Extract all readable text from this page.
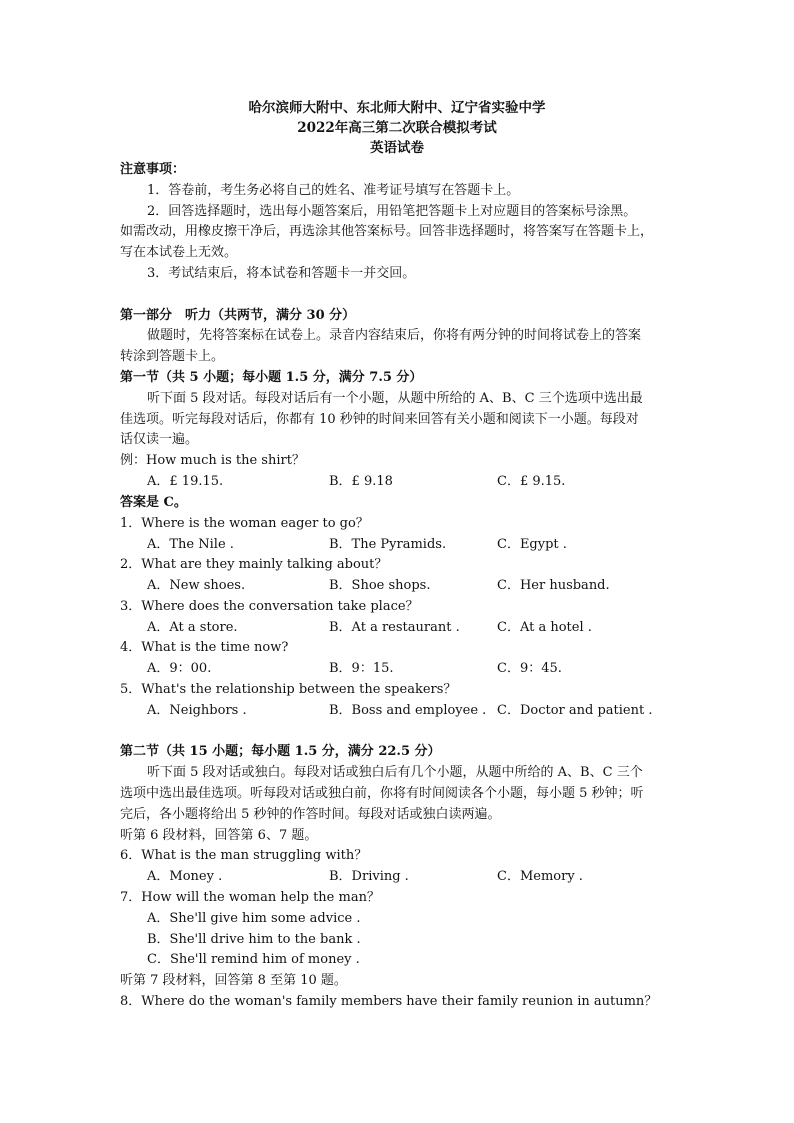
哈尔滨师大附中、东北师大附中、辽宁省实验中学
2022年高三第二次联合模拟考试
英语试卷
注意事项：
1．答卷前，考生务必将自己的姓名、准考证号填写在答题卡上。
2．回答选择题时，选出每小题答案后，用铅笔把答题卡上对应题目的答案标号涂黑。
如需改动，用橡皮擦干净后，再选涂其他答案标号。回答非选择题时，将答案写在答题卡上，
写在本试卷上无效。
3．考试结束后，将本试卷和答题卡一并交回。
第一部分　听力（共两节，满分 30 分）
做题时，先将答案标在试卷上。录音内容结束后，你将有两分钟的时间将试卷上的答案
转涂到答题卡上。
第一节（共 5 小题；每小题 1.5 分，满分 7.5 分）
听下面 5 段对话。每段对话后有一个小题，从题中所给的 A、B、C 三个选项中选出最
佳选项。听完每段对话后，你都有 10 秒钟的时间来回答有关小题和阅读下一小题。每段对
话仅读一遍。
例：How much is the shirt？
A．£ 19.15.	B．£ 9.18	C．£ 9.15.
答案是 C。
1．Where is the woman eager to go？
A．The Nile .	B．The Pyramids.	C．Egypt .
2．What are they mainly talking about？
A．New shoes.	B．Shoe shops.	C．Her husband.
3．Where does the conversation take place？
A．At a store.	B．At a restaurant .	C．At a hotel .
4．What is the time now?
A．9：00.	B．9：15.	C．9：45.
5．What's the relationship between the speakers？
A．Neighbors .	B．Boss and employee . C．Doctor and patient .
第二节（共 15 小题；每小题 1.5 分，满分 22.5 分）
听下面 5 段对话或独白。每段对话或独白后有几个小题，从题中所给的 A、B、C 三个
选项中选出最佳选项。听每段对话或独白前，你将有时间阅读各个小题，每小题 5 秒钟；听
完后，各小题将给出 5 秒钟的作答时间。每段对话或独白读两遍。
听第 6 段材料，回答第 6、7 题。
6．What is the man struggling with？
A．Money .	B．Driving .	C．Memory .
7．How will the woman help the man？
A．She'll give him some advice .
B．She'll drive him to the bank .
C．She'll remind him of money .
听第 7 段材料，回答第 8 至第 10 题。
8．Where do the woman's family members have their family reunion in autumn？
